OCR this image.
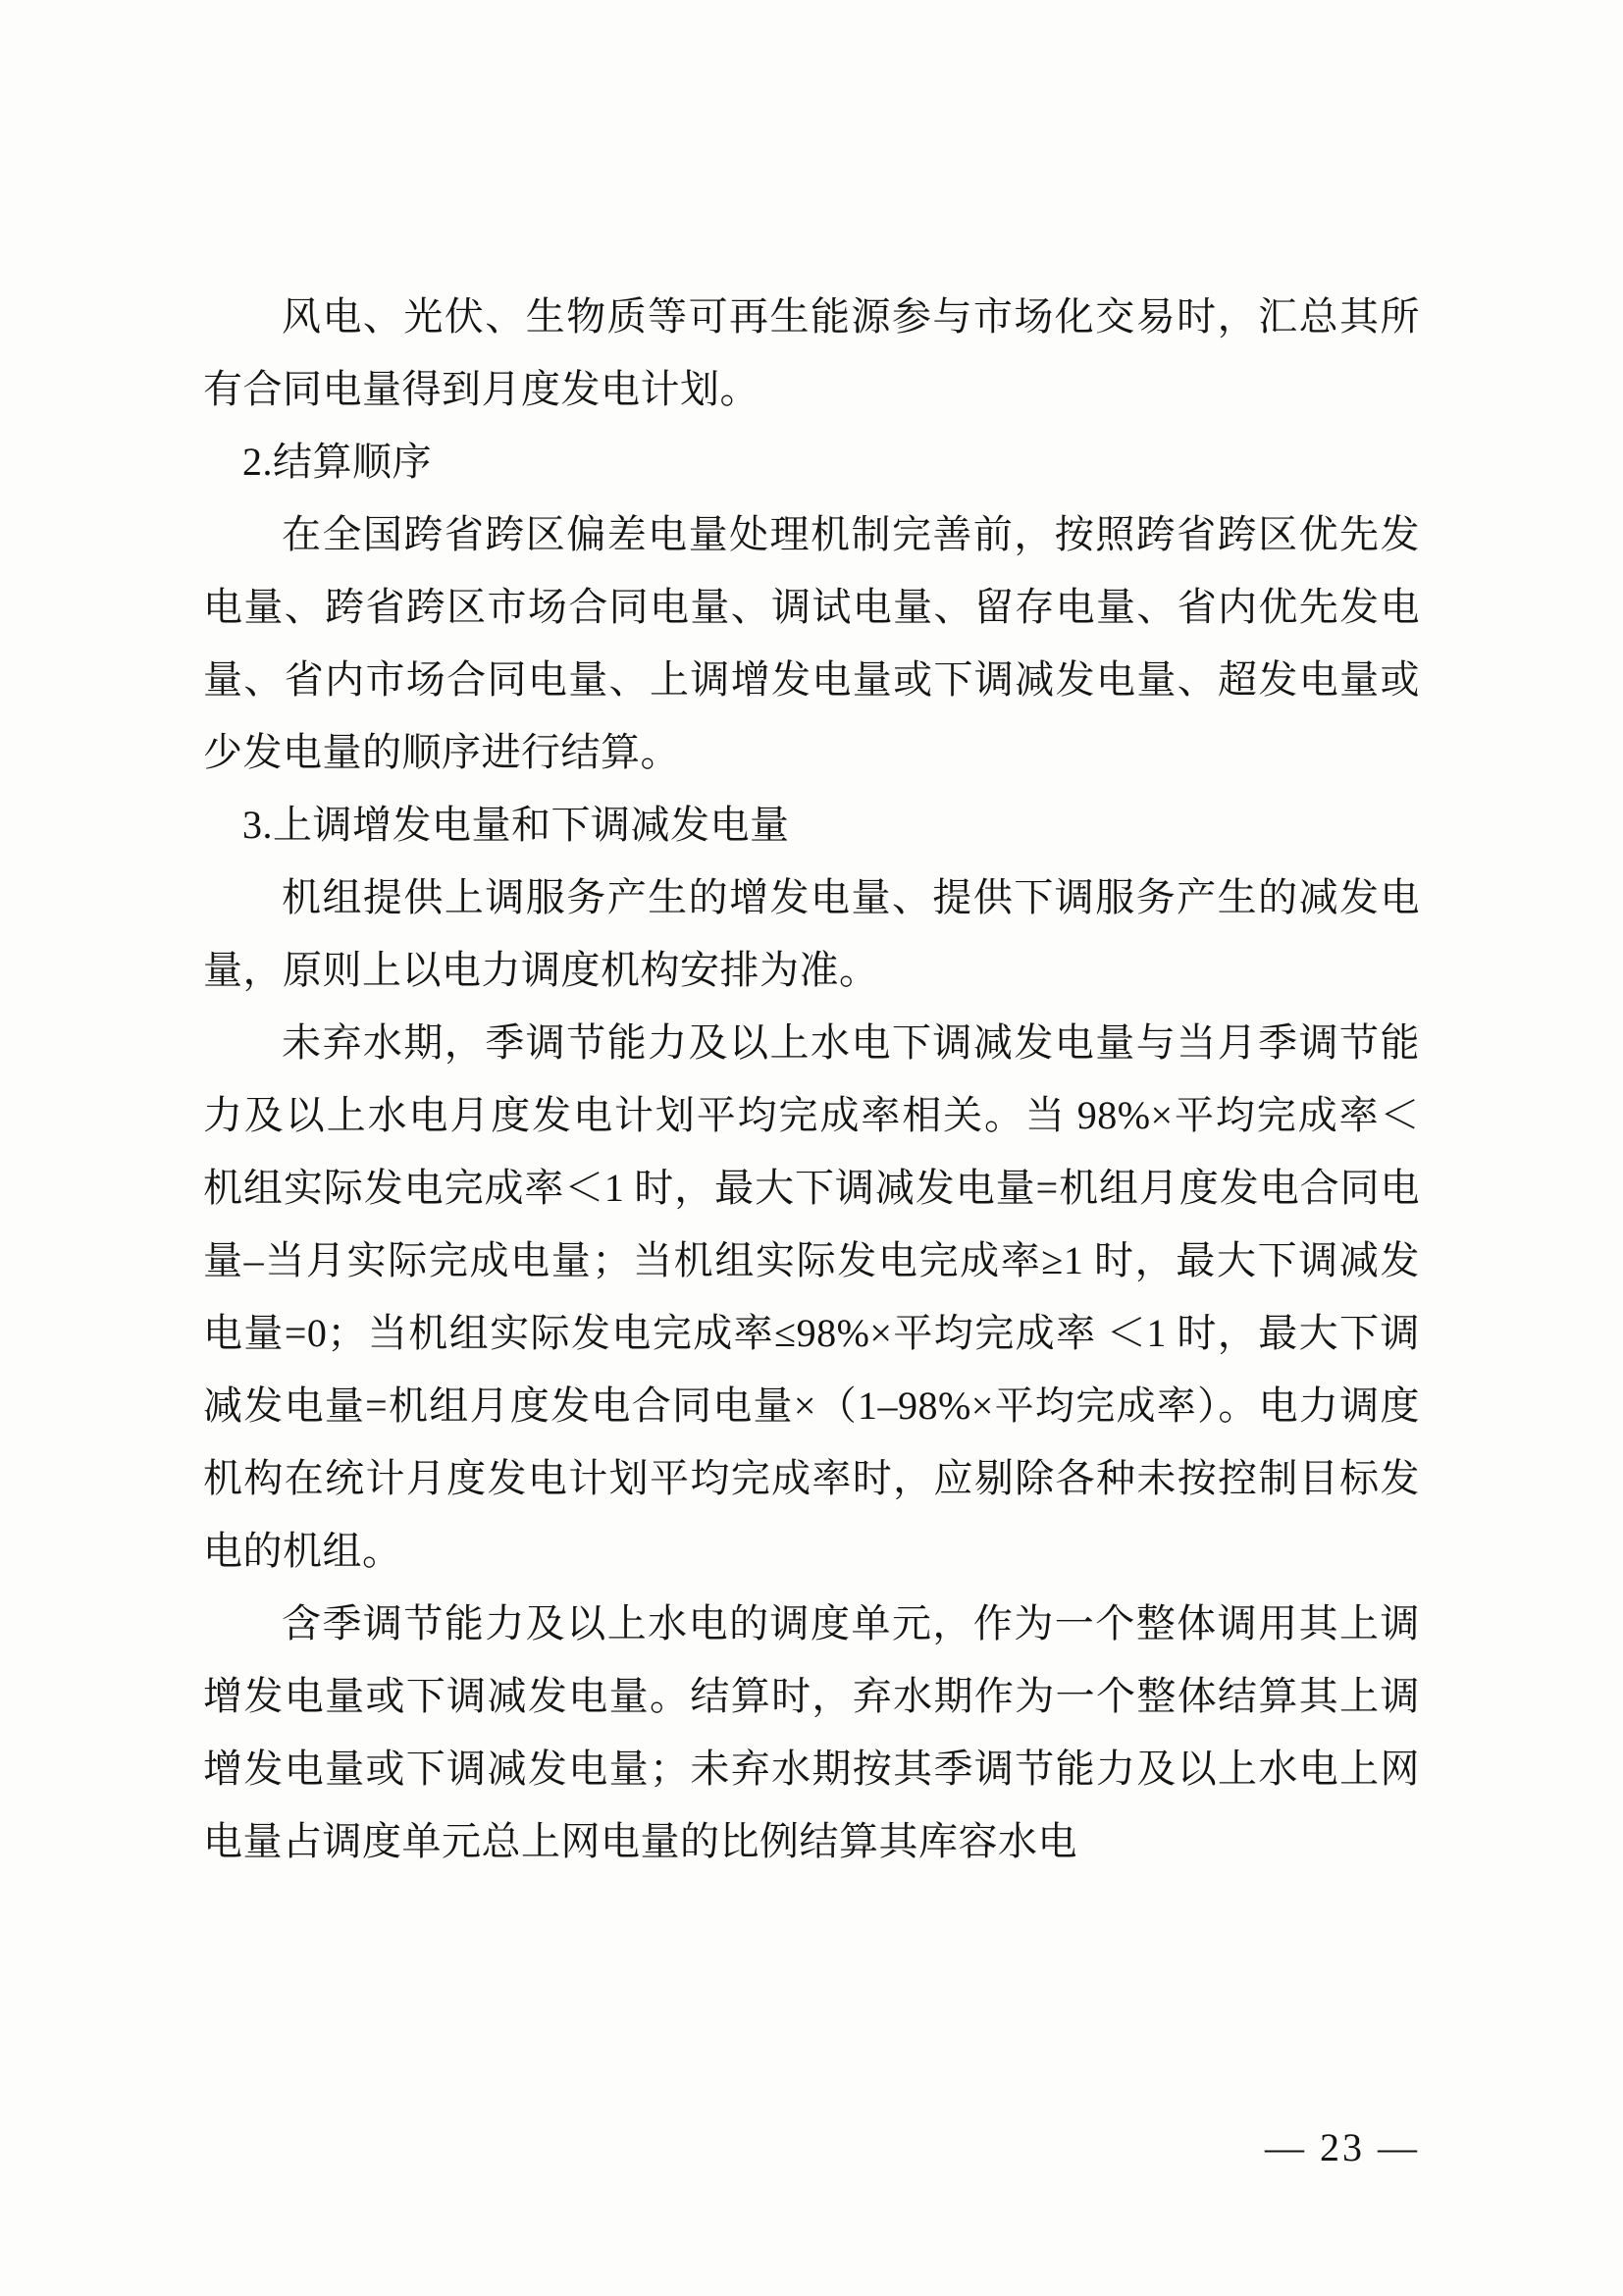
风电、光伏、生物质等可再生能源参与市场化交易时，汇总其所有合同电量得到月度发电计划。

2.结算顺序

在全国跨省跨区偏差电量处理机制完善前，按照跨省跨区优先发电量、跨省跨区市场合同电量、调试电量、留存电量、省内优先发电量、省内市场合同电量、上调增发电量或下调减发电量、超发电量或少发电量的顺序进行结算。

3.上调增发电量和下调减发电量

机组提供上调服务产生的增发电量、提供下调服务产生的减发电量，原则上以电力调度机构安排为准。

未弃水期，季调节能力及以上水电下调减发电量与当月季调节能力及以上水电月度发电计划平均完成率相关。当 98%×平均完成率＜机组实际发电完成率＜1 时，最大下调减发电量=机组月度发电合同电量–当月实际完成电量；当机组实际发电完成率≥1 时，最大下调减发电量=0；当机组实际发电完成率≤98%×平均完成率 ＜1 时，最大下调减发电量=机组月度发电合同电量×（1–98%×平均完成率）。电力调度机构在统计月度发电计划平均完成率时，应剔除各种未按控制目标发电的机组。

含季调节能力及以上水电的调度单元，作为一个整体调用其上调增发电量或下调减发电量。结算时，弃水期作为一个整体结算其上调增发电量或下调减发电量；未弃水期按其季调节能力及以上水电上网电量占调度单元总上网电量的比例结算其库容水电

— 23 —
